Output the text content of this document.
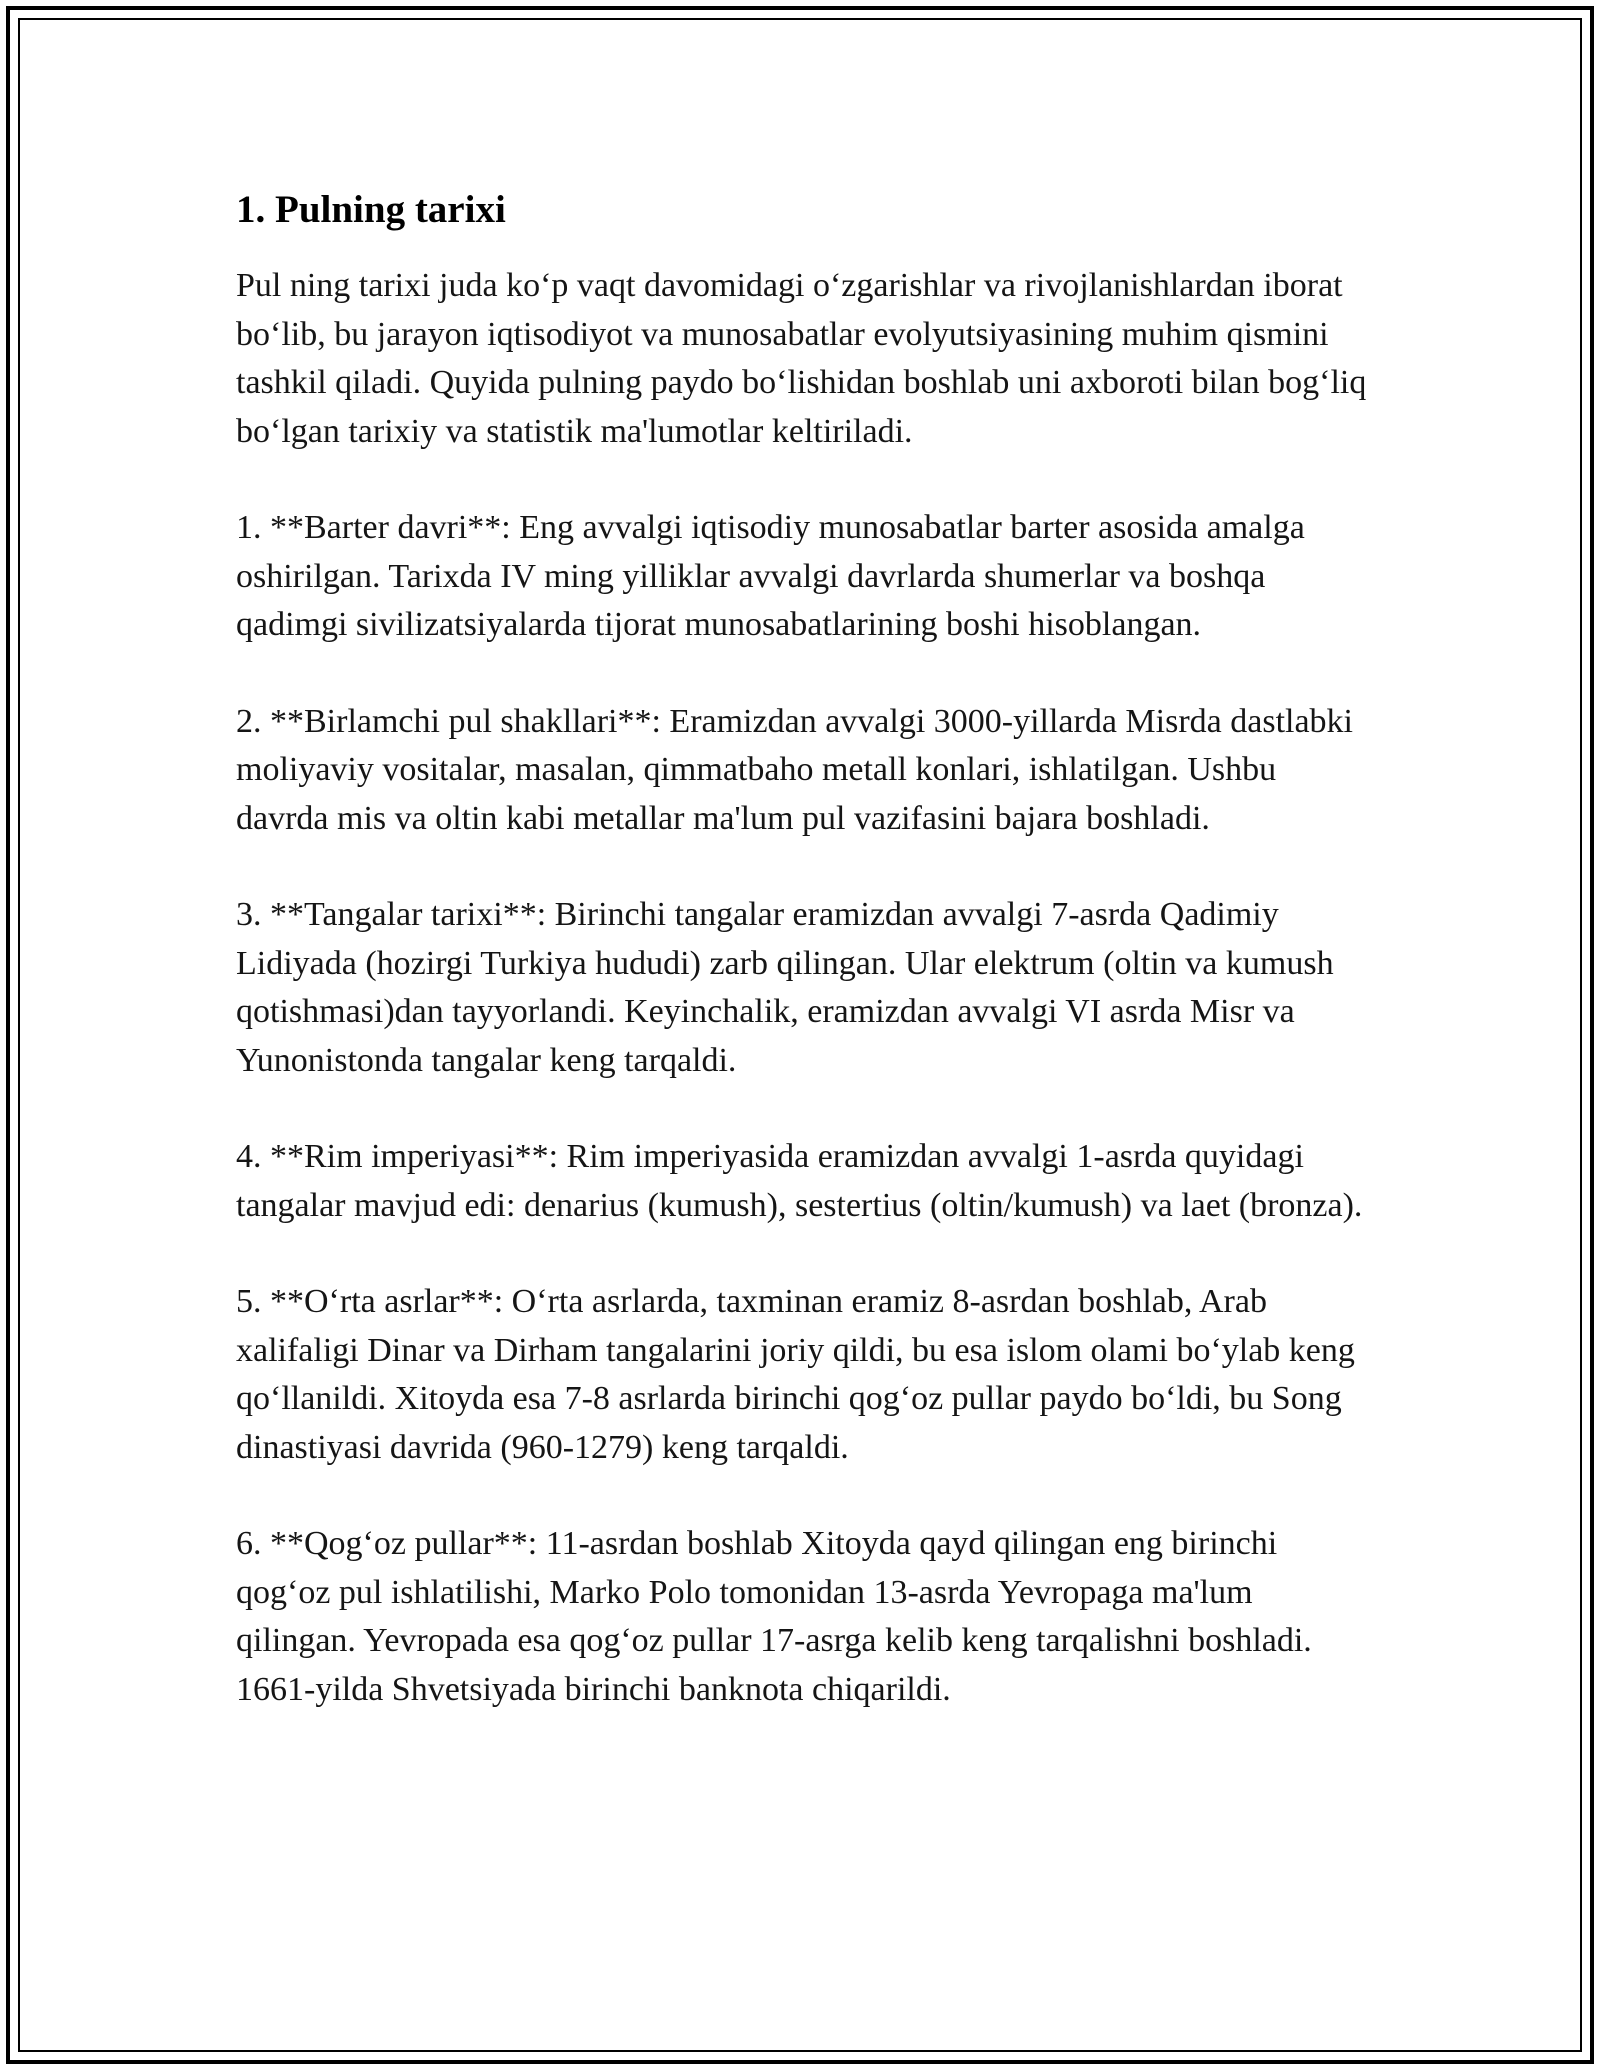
1. Pulning tarixi

Pul ning tarixi juda ko‘p vaqt davomidagi o‘zgarishlar va rivojlanishlardan iborat bo‘lib, bu jarayon iqtisodiyot va munosabatlar evolyutsiyasining muhim qismini tashkil qiladi. Quyida pulning paydo bo‘lishidan boshlab uni axboroti bilan bog‘liq bo‘lgan tarixiy va statistik ma'lumotlar keltiriladi.

1. **Barter davri**: Eng avvalgi iqtisodiy munosabatlar barter asosida amalga oshirilgan. Tarixda IV ming yilliklar avvalgi davrlarda shumerlar va boshqa qadimgi sivilizatsiyalarda tijorat munosabatlarining boshi hisoblangan.

2. **Birlamchi pul shakllari**: Eramizdan avvalgi 3000-yillarda Misrda dastlabki moliyaviy vositalar, masalan, qimmatbaho metall konlari, ishlatilgan. Ushbu davrda mis va oltin kabi metallar ma'lum pul vazifasini bajara boshladi.

3. **Tangalar tarixi**: Birinchi tangalar eramizdan avvalgi 7-asrda Qadimiy Lidiyada (hozirgi Turkiya hududi) zarb qilingan. Ular elektrum (oltin va kumush qotishmasi)dan tayyorlandi. Keyinchalik, eramizdan avvalgi VI asrda Misr va Yunonistonda tangalar keng tarqaldi.

4. **Rim imperiyasi**: Rim imperiyasida eramizdan avvalgi 1-asrda quyidagi tangalar mavjud edi: denarius (kumush), sestertius (oltin/kumush) va laet (bronza).

5. **O‘rta asrlar**: O‘rta asrlarda, taxminan eramiz 8-asrdan boshlab, Arab xalifaligi Dinar va Dirham tangalarini joriy qildi, bu esa islom olami bo‘ylab keng qo‘llanildi. Xitoyda esa 7-8 asrlarda birinchi qog‘oz pullar paydo bo‘ldi, bu Song dinastiyasi davrida (960-1279) keng tarqaldi.

6. **Qog‘oz pullar**: 11-asrdan boshlab Xitoyda qayd qilingan eng birinchi qog‘oz pul ishlatilishi, Marko Polo tomonidan 13-asrda Yevropaga ma'lum qilingan. Yevropada esa qog‘oz pullar 17-asrga kelib keng tarqalishni boshladi. 1661-yilda Shvetsiyada birinchi banknota chiqarildi.
